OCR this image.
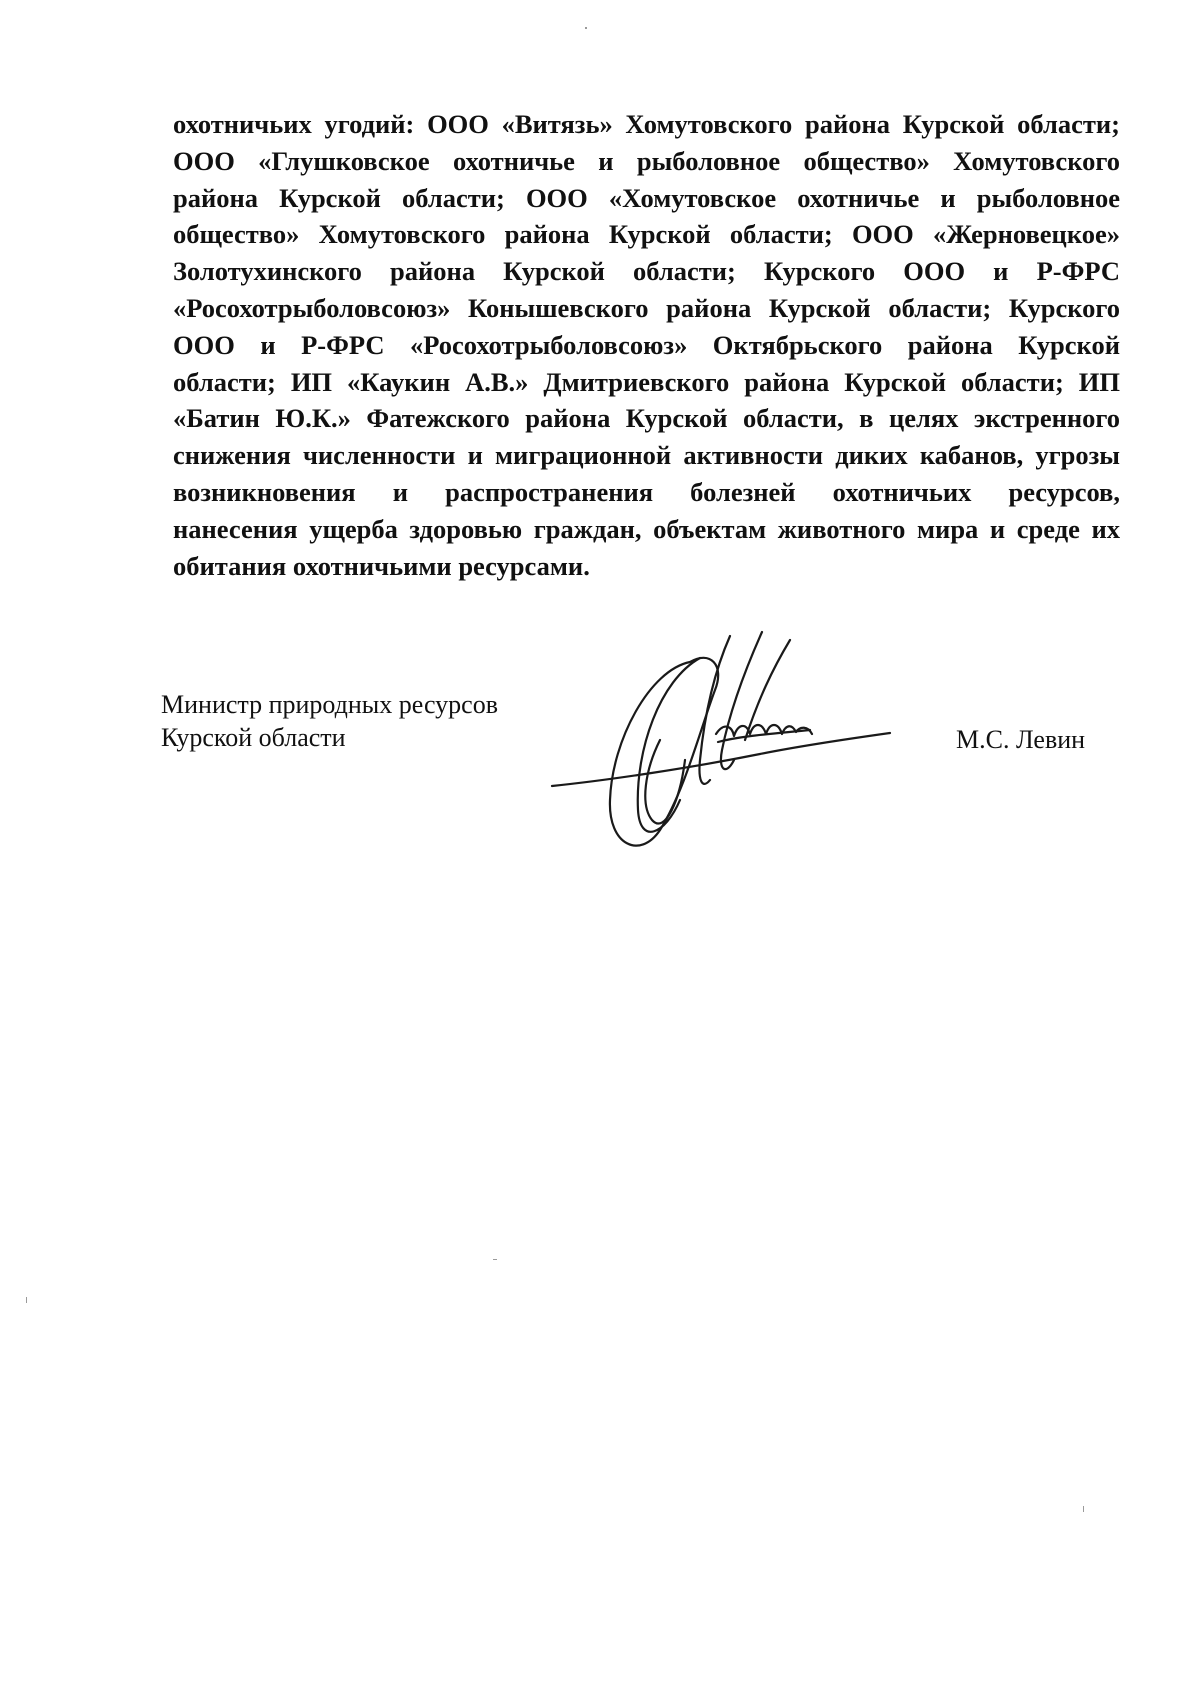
охотничьих угодий: ООО «Витязь» Хомутовского района Курской области;
ООО «Глушковское охотничье и рыболовное общество» Хомутовского
района Курской области; ООО «Хомутовское охотничье и рыболовное
общество» Хомутовского района Курской области; ООО «Жерновецкое»
Золотухинского района Курской области; Курского ООО и Р-ФРС
«Росохотрыболовсоюз» Конышевского района Курской области; Курского
ООО и Р-ФРС «Росохотрыболовсоюз» Октябрьского района Курской
области; ИП «Каукин А.В.» Дмитриевского района Курской области; ИП
«Батин Ю.К.» Фатежского района Курской области, в целях экстренного
снижения численности и миграционной активности диких кабанов, угрозы
возникновения и распространения болезней охотничьих ресурсов,
нанесения ущерба здоровью граждан, объектам животного мира и среде их
обитания охотничьими ресурсами.
Министр природных ресурсов
Курской области	М.С. Левин
